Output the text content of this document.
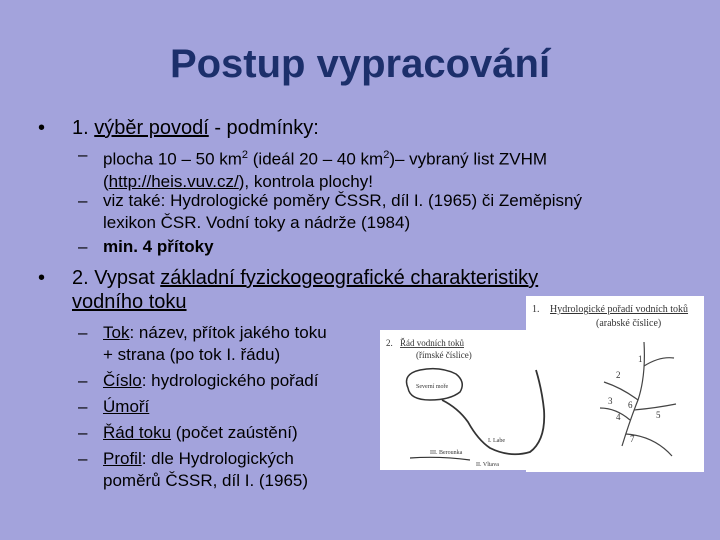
Postup vypracování
• 1. výběr povodí - podmínky:
– plocha 10 – 50 $km^2$ (ideál 20 – 40 $km^2)-$ vybraný list ZVHM
(http://heis.vuv.cz/), kontrola plochy!
– viz také: Hydrologické poměry ČSSR, díl I. (1965) či Zeměpisný
lexikon ČSR. Vodní toky a nádrže (1984)
– min. 4 přítoky
• 2. Vypsat základní fyzickogeografické charakteristiky
vodního toku
– Tok: název, přítok jakého toku
+ strana (po tok I. řádu)
– Číslo: hydrologického pořadí
– Úmoří
– Řád toku (počet zaústění)
– Profil: dle Hydrologických
poměrů ČSSR, díl I. (1965)
1. Hydrologické pořadí vodních toků
(arabské číslice)
1
2
3
4	5
6
7
2. Řád vodních toků
(římské číslice)
Severní moře
I. Labe
III. Berounka
II. Vltava
